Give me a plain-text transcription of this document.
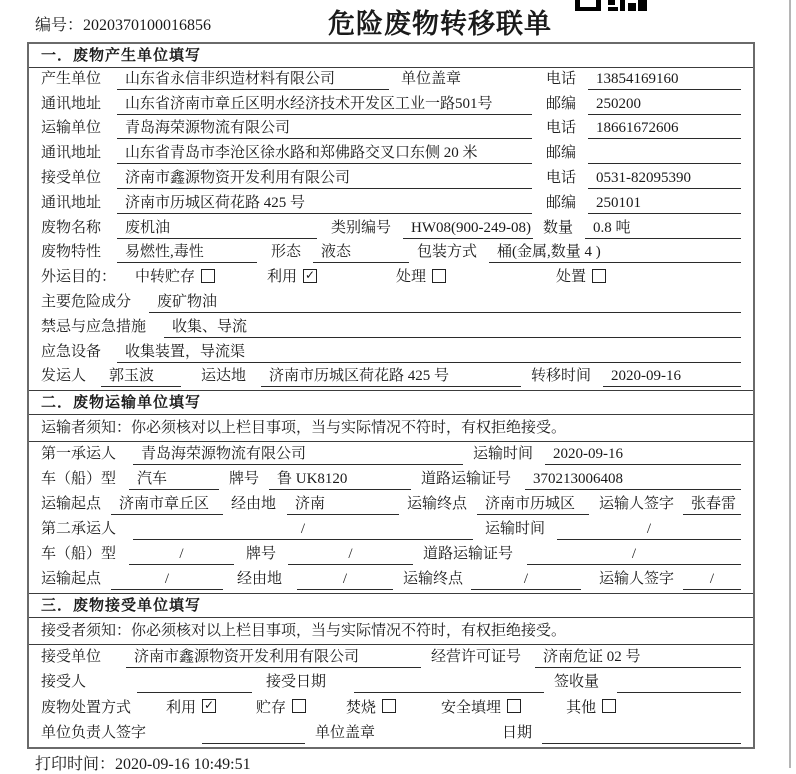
编号：2020370100016856	危险废物转移联单
一．废物产生单位填写
产生单位	山东省永信非织造材料有限公司	单位盖章	电话	13854169160
通讯地址	山东省济南市章丘区明水经济技术开发区工业一路501号	邮编	250200
运输单位	青岛海荣源物流有限公司	电话	18661672606
通讯地址	山东省青岛市李沧区徐水路和郑佛路交叉口东侧 20 米	邮编
接受单位	济南市鑫源物资开发利用有限公司	电话	0531-82095390
通讯地址	济南市历城区荷花路 425 号	邮编	250101
废物名称	废机油	类别编号	HW08(900-249-08) 数量	0.8 吨
废物特性	易燃性,毒性	形态	液态	包装方式	桶(金属,数量 4 )
外运目的：	中转贮存	利用 ✓	处理	处置
主要危险成分	废矿物油
禁忌与应急措施	收集、导流
应急设备	收集装置，导流渠
发运人	郭玉波	运达地	济南市历城区荷花路 425 号	转移时间	2020-09-16
二．废物运输单位填写
运输者须知：你必须核对以上栏目事项，当与实际情况不符时，有权拒绝接受。
第一承运人	青岛海荣源物流有限公司	运输时间	2020-09-16
车（船）型	汽车	牌号	鲁 UK8120	道路运输证号	370213006408
运输起点	济南市章丘区	经由地	济南	运输终点	济南市历城区	运输人签字	张春雷
第二承运人	/	运输时间	/
车（船）型	/	牌号	/	道路运输证号	/
运输起点	/	经由地	/	运输终点	/	运输人签字	/
三．废物接受单位填写
接受者须知：你必须核对以上栏目事项，当与实际情况不符时，有权拒绝接受。
接受单位	济南市鑫源物资开发利用有限公司	经营许可证号	济南危证 02 号
接受人	接受日期	签收量
废物处置方式	利用 ✓	贮存	焚烧	安全填埋	其他
单位负责人签字	单位盖章	日期
打印时间：2020-09-16 10:49:51
